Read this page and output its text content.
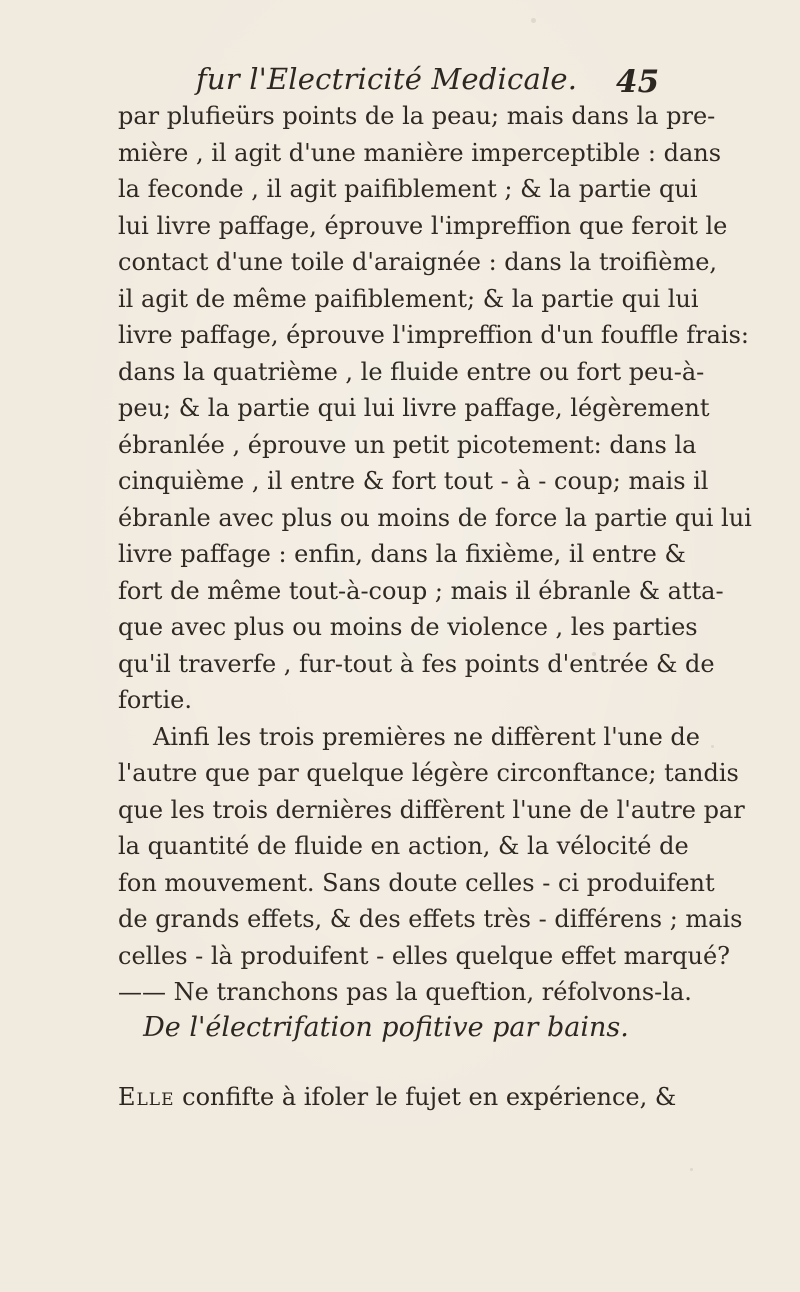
fur l'Electricité Medicale. 45
par plufieürs points de la peau; mais dans la pre-
mière , il agit d'une manière imperceptible : dans
la feconde , il agit paifiblement ; & la partie qui
lui livre paffage, éprouve l'impreffion que feroit le
contact d'une toile d'araignée : dans la troifième,
il agit de même paifiblement; & la partie qui lui
livre paffage, éprouve l'impreffion d'un fouffle frais:
dans la quatrième , le fluide entre ou fort peu-à-
peu; & la partie qui lui livre paffage, légèrement
ébranlée , éprouve un petit picotement: dans la
cinquième , il entre & fort tout - à - coup; mais il
ébranle avec plus ou moins de force la partie qui lui
livre paffage : enfin, dans la fixième, il entre &
fort de même tout-à-coup ; mais il ébranle & atta-
que avec plus ou moins de violence , les parties
qu'il traverfe , fur-tout à fes points d'entrée & de
fortie.
Ainfi les trois premières ne diffèrent l'une de
l'autre que par quelque légère circonftance; tandis
que les trois dernières diffèrent l'une de l'autre par
la quantité de fluide en action, & la vélocité de
fon mouvement. Sans doute celles - ci produifent
de grands effets, & des effets très - différens ; mais
celles - là produifent - elles quelque effet marqué?
—— Ne tranchons pas la queftion, réfolvons-la.
De l'électrifation pofitive par bains.
Elle confifte à ifoler le fujet en expérience, &
